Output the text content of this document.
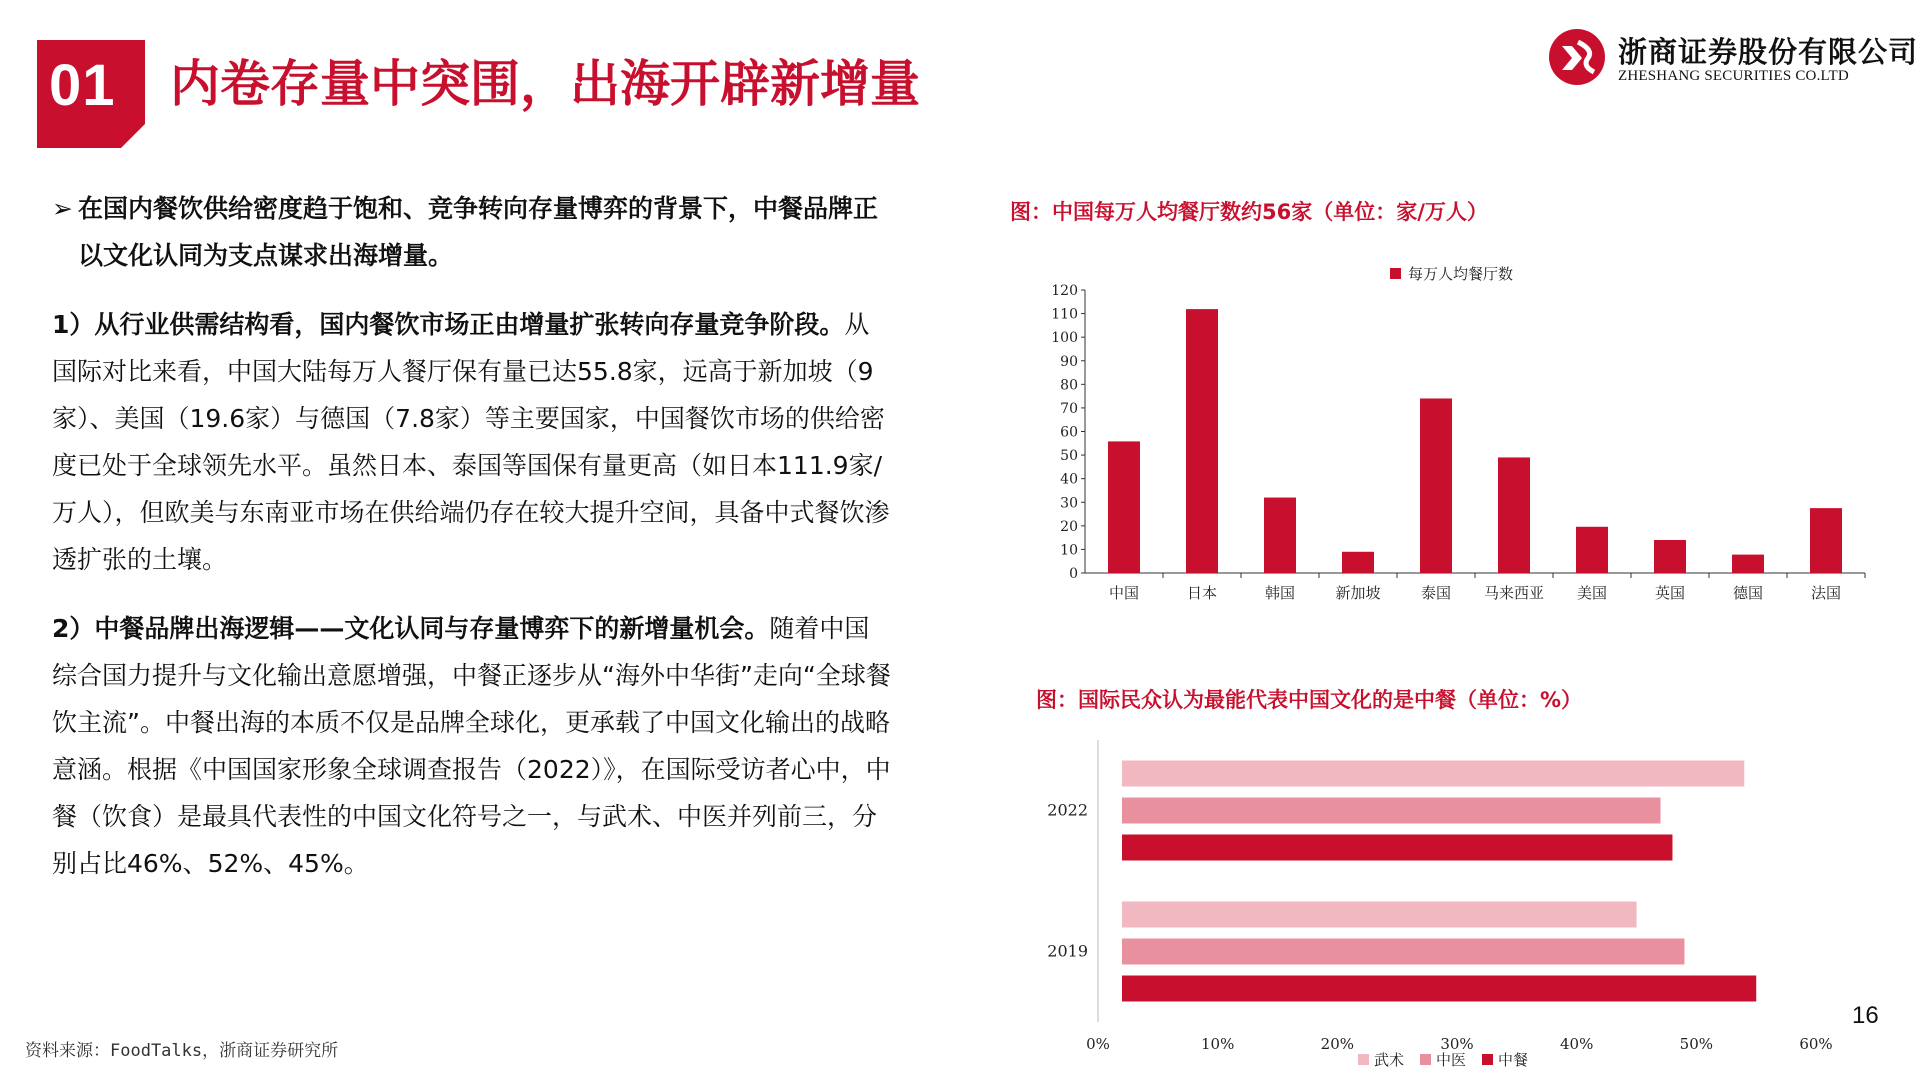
01 内卷存量中突围，出海开辟新增量
浙商证券股份有限公司
ZHESHANG SECURITIES CO.LTD

➢ 在国内餐饮供给密度趋于饱和、竞争转向存量博弈的背景下，中餐品牌正以文化认同为支点谋求出海增量。

1）从行业供需结构看，国内餐饮市场正由增量扩张转向存量竞争阶段。从国际对比来看，中国大陆每万人餐厅保有量已达55.8家，远高于新加坡（9家）、美国（19.6家）与德国（7.8家）等主要国家，中国餐饮市场的供给密度已处于全球领先水平。虽然日本、泰国等国保有量更高（如日本111.9家/万人），但欧美与东南亚市场在供给端仍存在较大提升空间，具备中式餐饮渗透扩张的土壤。

2）中餐品牌出海逻辑——文化认同与存量博弈下的新增量机会。随着中国综合国力提升与文化输出意愿增强，中餐正逐步从“海外中华街”走向“全球餐饮主流”。中餐出海的本质不仅是品牌全球化，更承载了中国文化输出的战略意涵。根据《中国国家形象全球调查报告（2022）》，在国际受访者心中，中餐（饮食）是最具代表性的中国文化符号之一，与武术、中医并列前三，分别占比46%、52%、45%。

图：中国每万人均餐厅数约56家（单位：家/万人）
0
10
20
30
40
50
60
70
80
90
100
110
120
中国	日本	韩国	新加坡	泰国 马来西亚 美国	英国	德国	法国
每万人均餐厅数
图：国际民众认为最能代表中国文化的是中餐（单位：%）
0%	10%	20%	30%	40%	50%	60%
2022
2019
武术 中医 中餐
资料来源：FoodTalks，浙商证券研究所
16
